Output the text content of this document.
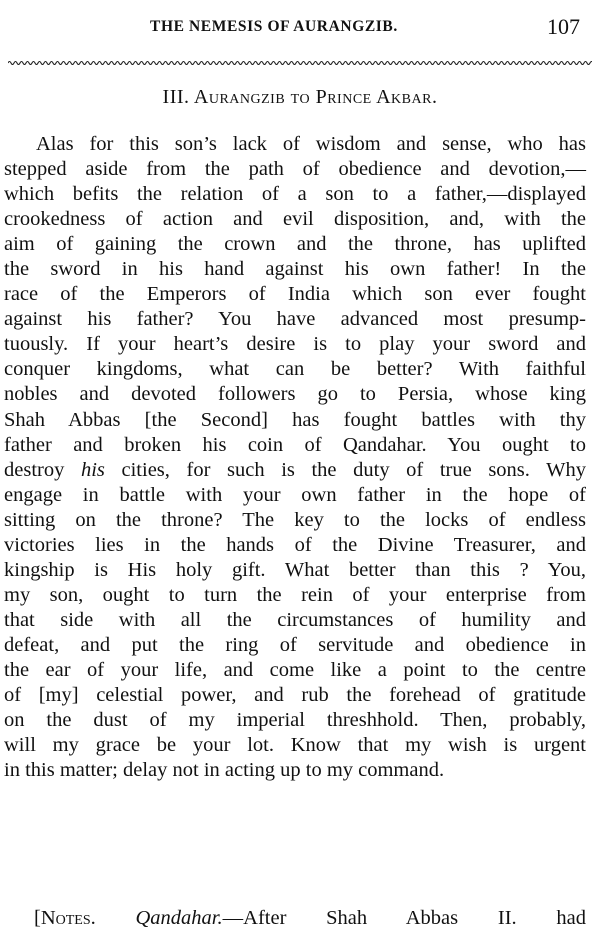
THE NEMESIS OF AURANGZIB.	107
III. Aurangzib to Prince Akbar.
Alas for this son’s lack of wisdom and sense, who has
stepped aside from the path of obedience and devotion,—
which befits the relation of a son to a father,—displayed
crookedness of action and evil disposition, and, with the
aim of gaining the crown and the throne, has uplifted
the sword in his hand against his own father! In the
race of the Emperors of India which son ever fought
against his father? You have advanced most presump-
tuously. If your heart’s desire is to play your sword and
conquer kingdoms, what can be better? With faithful
nobles and devoted followers go to Persia, whose king
Shah Abbas [the Second] has fought battles with thy
father and broken his coin of Qandahar. You ought to
destroy his cities, for such is the duty of true sons. Why
engage in battle with your own father in the hope of
sitting on the throne? The key to the locks of endless
victories lies in the hands of the Divine Treasurer, and
kingship is His holy gift. What better than this ? You,
my son, ought to turn the rein of your enterprise from
that side with all the circumstances of humility and
defeat, and put the ring of servitude and obedience in
the ear of your life, and come like a point to the centre
of [my] celestial power, and rub the forehead of gratitude
on the dust of my imperial threshhold. Then, probably,
will my grace be your lot. Know that my wish is urgent
in this matter; delay not in acting up to my command.
[Notes. Qandahar.—After Shah Abbas II. had
